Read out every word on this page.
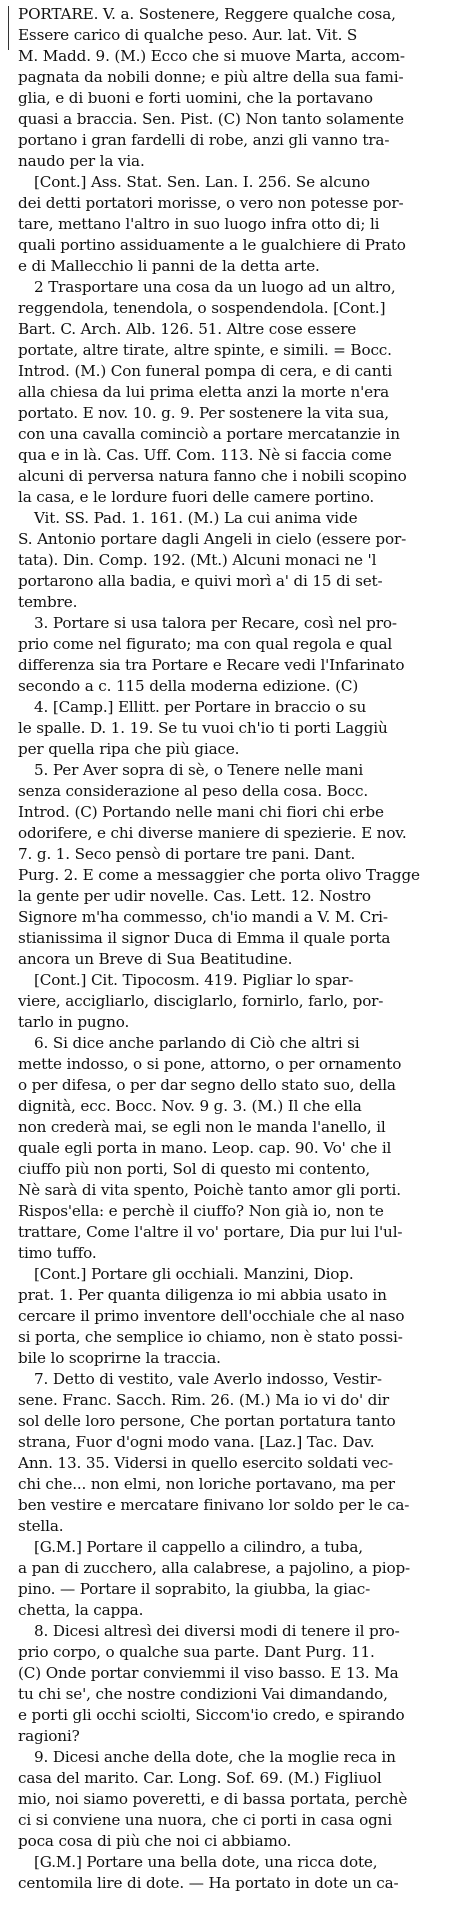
PORTARE. V. a. Sostenere, Reggere qualche cosa,
Essere carico di qualche peso. Aur. lat. Vit. S
M. Madd. 9. (M.) Ecco che si muove Marta, accom-
pagnata da nobili donne; e più altre della sua fami-
glia, e di buoni e forti uomini, che la portavano
quasi a braccia. Sen. Pist. (C) Non tanto solamente
portano i gran fardelli di robe, anzi gli vanno tra-
naudo per la via.
[Cont.] Ass. Stat. Sen. Lan. I. 256. Se alcuno
dei detti portatori morisse, o vero non potesse por-
tare, mettano l'altro in suo luogo infra otto di; li
quali portino assiduamente a le gualchiere di Prato
e di Mallecchio li panni de la detta arte.
2 Trasportare una cosa da un luogo ad un altro,
reggendola, tenendola, o sospendendola. [Cont.]
Bart. C. Arch. Alb. 126. 51. Altre cose essere
portate, altre tirate, altre spinte, e simili. = Bocc.
Introd. (M.) Con funeral pompa di cera, e di canti
alla chiesa da lui prima eletta anzi la morte n'era
portato. E nov. 10. g. 9. Per sostenere la vita sua,
con una cavalla cominciò a portare mercatanzie in
qua e in là. Cas. Uff. Com. 113. Nè si faccia come
alcuni di perversa natura fanno che i nobili scopino
la casa, e le lordure fuori delle camere portino.
Vit. SS. Pad. 1. 161. (M.) La cui anima vide
S. Antonio portare dagli Angeli in cielo (essere por-
tata). Din. Comp. 192. (Mt.) Alcuni monaci ne 'l
portarono alla badia, e quivi morì a' di 15 di set-
tembre.
3. Portare si usa talora per Recare, così nel pro-
prio come nel figurato; ma con qual regola e qual
differenza sia tra Portare e Recare vedi l'Infarinato
secondo a c. 115 della moderna edizione. (C)
4. [Camp.] Ellitt. per Portare in braccio o su
le spalle. D. 1. 19. Se tu vuoi ch'io ti porti Laggiù
per quella ripa che più giace.
5. Per Aver sopra di sè, o Tenere nelle mani
senza considerazione al peso della cosa. Bocc.
Introd. (C) Portando nelle mani chi fiori chi erbe
odorifere, e chi diverse maniere di spezierie. E nov.
7. g. 1. Seco pensò di portare tre pani. Dant.
Purg. 2. E come a messaggier che porta olivo Tragge
la gente per udir novelle. Cas. Lett. 12. Nostro
Signore m'ha commesso, ch'io mandi a V. M. Cri-
stianissima il signor Duca di Emma il quale porta
ancora un Breve di Sua Beatitudine.
[Cont.] Cit. Tipocosm. 419. Pigliar lo spar-
viere, accigliarlo, disciglarlo, fornirlo, farlo, por-
tarlo in pugno.
6. Si dice anche parlando di Ciò che altri si
mette indosso, o si pone, attorno, o per ornamento
o per difesa, o per dar segno dello stato suo, della
dignità, ecc. Bocc. Nov. 9 g. 3. (M.) Il che ella
non crederà mai, se egli non le manda l'anello, il
quale egli porta in mano. Leop. cap. 90. Vo' che il
ciuffo più non porti, Sol di questo mi contento,
Nè sarà di vita spento, Poichè tanto amor gli porti.
Rispos'ella: e perchè il ciuffo? Non già io, non te
trattare, Come l'altre il vo' portare, Dia pur lui l'ul-
timo tuffo.
[Cont.] Portare gli occhiali. Manzini, Diop.
prat. 1. Per quanta diligenza io mi abbia usato in
cercare il primo inventore dell'occhiale che al naso
si porta, che semplice io chiamo, non è stato possi-
bile lo scoprirne la traccia.
7. Detto di vestito, vale Averlo indosso, Vestir-
sene. Franc. Sacch. Rim. 26. (M.) Ma io vi do' dir
sol delle loro persone, Che portan portatura tanto
strana, Fuor d'ogni modo vana. [Laz.] Tac. Dav.
Ann. 13. 35. Vidersi in quello esercito soldati vec-
chi che... non elmi, non loriche portavano, ma per
ben vestire e mercatare finivano lor soldo per le ca-
stella.
[G.M.] Portare il cappello a cilindro, a tuba,
a pan di zucchero, alla calabrese, a pajolino, a piop-
pino. — Portare il soprabito, la giubba, la giac-
chetta, la cappa.
8. Dicesi altresì dei diversi modi di tenere il pro-
prio corpo, o qualche sua parte. Dant Purg. 11.
(C) Onde portar conviemmi il viso basso. E 13. Ma
tu chi se', che nostre condizioni Vai dimandando,
e porti gli occhi sciolti, Siccom'io credo, e spirando
ragioni?
9. Dicesi anche della dote, che la moglie reca in
casa del marito. Car. Long. Sof. 69. (M.) Figliuol
mio, noi siamo poveretti, e di bassa portata, perchè
ci si conviene una nuora, che ci porti in casa ogni
poca cosa di più che noi ci abbiamo.
[G.M.] Portare una bella dote, una ricca dote,
centomila lire di dote. — Ha portato in dote un ca-
